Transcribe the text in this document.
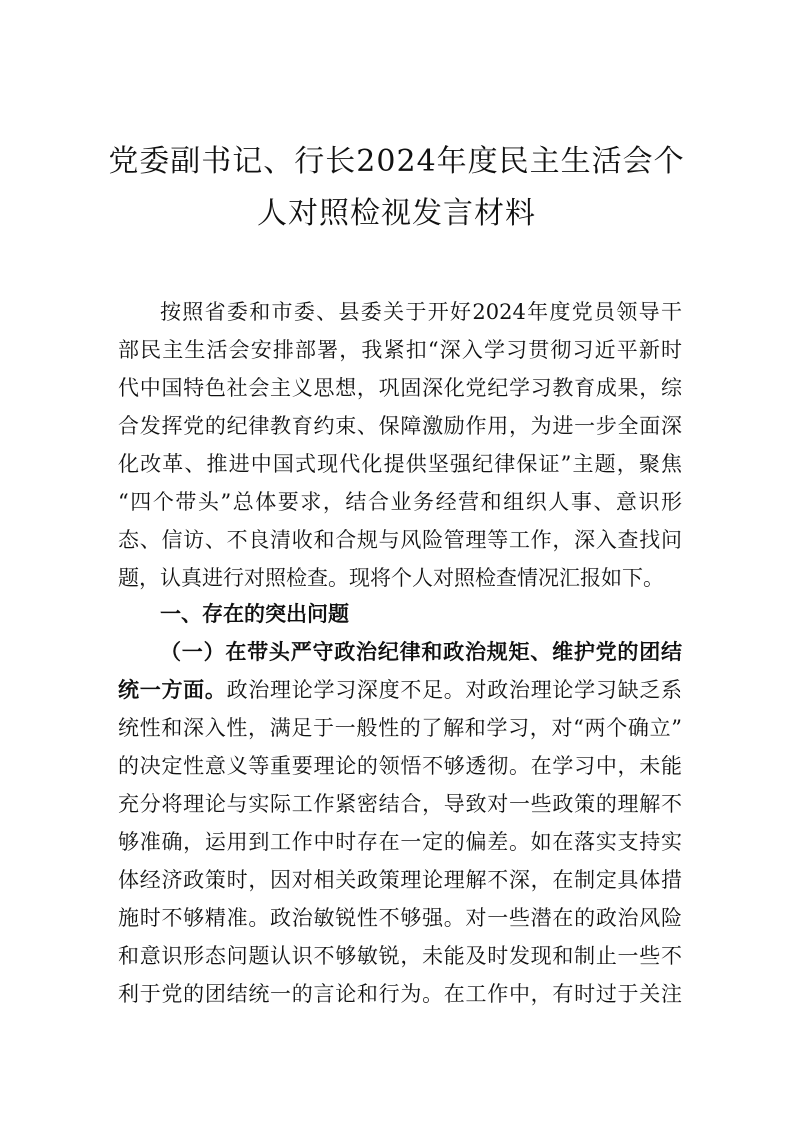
党委副书记、行长2024年度民主生活会个
人对照检视发言材料
按照省委和市委、县委关于开好2024年度党员领导干
部民主生活会安排部署，我紧扣“深入学习贯彻习近平新时
代中国特色社会主义思想，巩固深化党纪学习教育成果，综
合发挥党的纪律教育约束、保障激励作用，为进一步全面深
化改革、推进中国式现代化提供坚强纪律保证”主题，聚焦
“四个带头”总体要求，结合业务经营和组织人事、意识形
态、信访、不良清收和合规与风险管理等工作，深入查找问
题，认真进行对照检查。现将个人对照检查情况汇报如下。
一、存在的突出问题
（一）在带头严守政治纪律和政治规矩、维护党的团结
统一方面。政治理论学习深度不足。对政治理论学习缺乏系
统性和深入性，满足于一般性的了解和学习，对“两个确立”
的决定性意义等重要理论的领悟不够透彻。在学习中，未能
充分将理论与实际工作紧密结合，导致对一些政策的理解不
够准确，运用到工作中时存在一定的偏差。如在落实支持实
体经济政策时，因对相关政策理论理解不深，在制定具体措
施时不够精准。政治敏锐性不够强。对一些潜在的政治风险
和意识形态问题认识不够敏锐，未能及时发现和制止一些不
利于党的团结统一的言论和行为。在工作中，有时过于关注
